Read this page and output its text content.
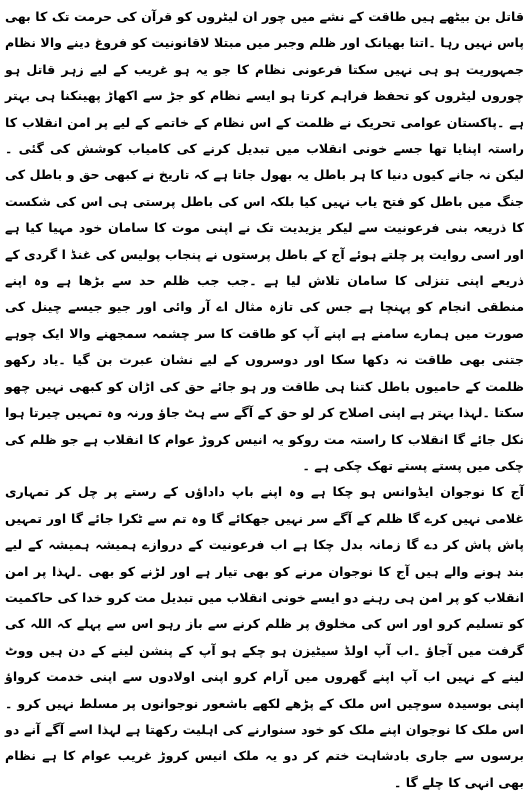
قاتل بن بیٹھے ہیں طاقت کے نشے میں چور ان لیٹروں کو قرآن کی حرمت تک کا بھی پاس نہیں رہا ۔اتنا بھیانک اور ظلم وجبر میں مبتلا لاقانونیت کو فروغ دینے والا نظام جمہوریت ہو ہی نہیں سکتا فرعونی نظام کا جو یہ ہو غریب کے لیے زہر قاتل ہو چوروں لیٹروں کو تحفظ فراہم کرتا ہو ایسے نظام کو جڑ سے اکھاڑ پھینکنا ہی بہتر ہے ۔پاکستان عوامی تحریک نے ظلمت کے اس نظام کے خاتمے کے لیے پر امن انقلاب کا راستہ اپنایا تھا جسے خونی انقلاب میں تبدیل کرنے کی کامیاب کوشش کی گئی ۔لیکن نہ جانے کیوں دنیا کا ہر باطل یہ بھول جاتا ہے کہ تاریخ نے کبھی حق و باطل کی جنگ میں باطل کو فتح یاب نہیں کیا بلکہ اس کی باطل پرستی ہی اس کی شکست کا ذریعہ بنی فرعونیت سے لیکر یزیدیت تک نے اپنی موت کا سامان خود مہیا کیا ہے اور اسی روایت پر چلتے ہوئے آج کے باطل پرستوں نے پنجاب پولیس کی غنڈ ا گردی کے ذریعے اپنی تنزلی کا سامان تلاش لیا ہے ۔جب جب ظلم حد سے بڑھا ہے وہ اپنے منطقی انجام کو پہنچا ہے جس کی تازہ مثال اے آر وائی اور جیو جیسے چینل کی صورت میں ہمارے سامنے ہے اپنے آپ کو طاقت کا سر چشمہ سمجھنے والا ایک چوہے جتنی بھی طاقت نہ دکھا سکا اور دوسروں کے لیے نشان عبرت بن گیا ۔یاد رکھو ظلمت کے حامیوں باطل کتنا ہی طاقت ور ہو جائے حق کی اڑان کو کبھی نہیں چھو سکتا ۔لہذا بہتر ہے اپنی اصلاح کر لو حق کے آگے سے ہٹ جاؤ ورنہ وہ تمہیں چیرتا ہوا نکل جائے گا انقلاب کا راستہ مت روکو یہ انیس کروڑ عوام کا انقلاب ہے جو ظلم کی چکی میں پستے پستے تھک چکی ہے ۔

آج کا نوجوان ایڈوانس ہو چکا ہے وہ اپنے باپ داداؤں کے رستے پر چل کر تمہاری غلامی نہیں کرے گا ظلم کے آگے سر نہیں جھکائے گا وہ تم سے ٹکرا جائے گا اور تمہیں پاش پاش کر دے گا زمانہ بدل چکا ہے اب فرعونیت کے دروازے ہمیشہ ہمیشہ کے لیے بند ہونے والے ہیں آج کا نوجوان مرنے کو بھی تیار ہے اور لڑنے کو بھی ۔لہذا پر امن انقلاب کو پر امن ہی رہنے دو ایسے خونی انقلاب میں تبدیل مت کرو خدا کی حاکمیت کو تسلیم کرو اور اس کی مخلوق پر ظلم کرنے سے باز رہو اس سے پہلے کہ اللہ کی گرفت میں آجاؤ ۔اب آپ اولڈ سیٹیزن ہو چکے ہو آپ کے پنشن لینے کے دن ہیں ووٹ لینے کے نہیں اب آپ اپنے گھروں میں آرام کرو اپنی اولادوں سے اپنی خدمت کرواؤ اپنی بوسیدہ سوچیں اس ملک کے پڑھے لکھے باشعور نوجوانوں پر مسلط نہیں کرو ۔اس ملک کا نوجوان اپنے ملک کو خود سنوارنے کی اہلیت رکھتا ہے لہذا اسے آگے آنے دو برسوں سے جاری بادشاہت ختم کر دو یہ ملک انیس کروڑ غریب عوام کا ہے نظام بھی انہی کا چلے گا ۔
